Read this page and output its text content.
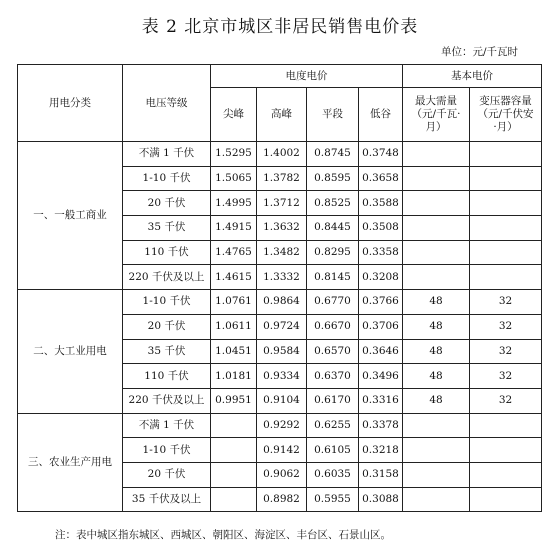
表 2 北京市城区非居民销售电价表
单位：元/千瓦时
用电分类	电压等级	电度电价				基本电价	
		尖峰	高峰	平段	低谷	最大需量（元/千瓦·月）	变压器容量（元/千伏安·月）
一、一般工商业	不满 1 千伏	1.5295	1.4002	0.8745	0.3748		
	1-10 千伏	1.5065	1.3782	0.8595	0.3658		
	20 千伏	1.4995	1.3712	0.8525	0.3588		
	35 千伏	1.4915	1.3632	0.8445	0.3508		
	110 千伏	1.4765	1.3482	0.8295	0.3358		
	220 千伏及以上	1.4615	1.3332	0.8145	0.3208		
二、大工业用电	1-10 千伏	1.0761	0.9864	0.6770	0.3766	48	32
	20 千伏	1.0611	0.9724	0.6670	0.3706	48	32
	35 千伏	1.0451	0.9584	0.6570	0.3646	48	32
	110 千伏	1.0181	0.9334	0.6370	0.3496	48	32
	220 千伏及以上	0.9951	0.9104	0.6170	0.3316	48	32
三、农业生产用电	不满 1 千伏		0.9292	0.6255	0.3378		
	1-10 千伏		0.9142	0.6105	0.3218		
	20 千伏		0.9062	0.6035	0.3158		
	35 千伏及以上		0.8982	0.5955	0.3088		
注：表中城区指东城区、西城区、朝阳区、海淀区、丰台区、石景山区。
